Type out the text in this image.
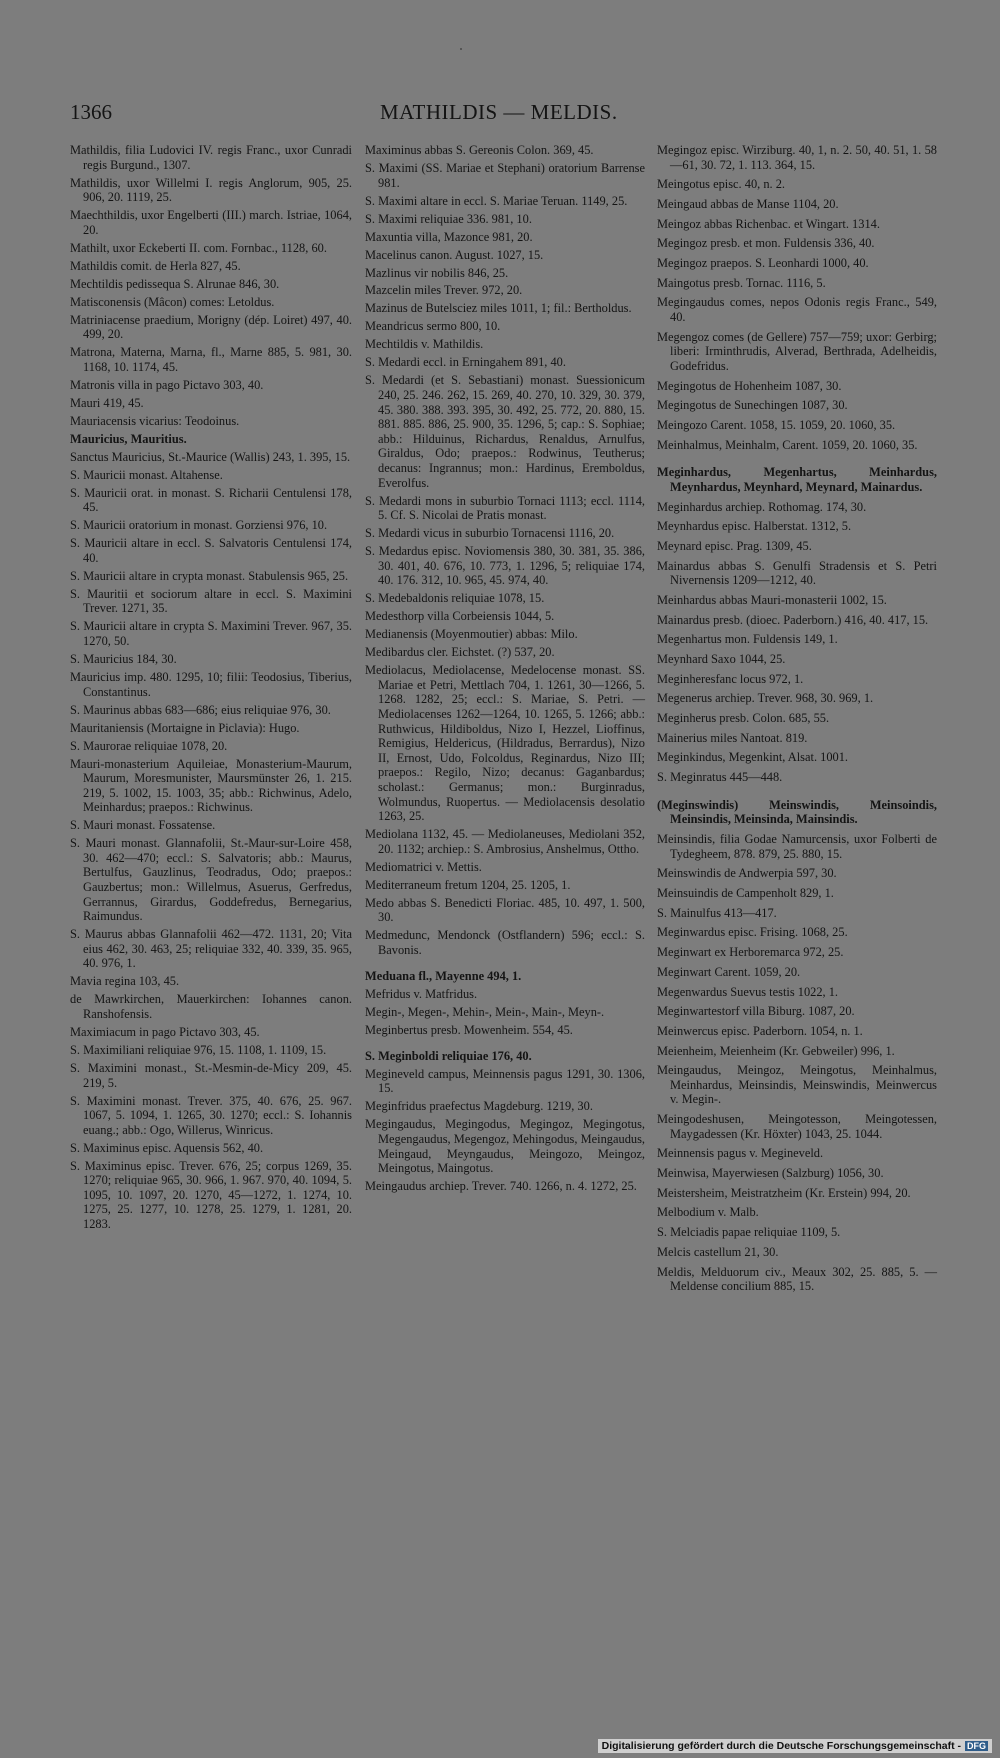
1366	MATHILDIS — MELDIS.
Mathildis, filia Ludovici IV. regis Franc., uxor Cunradi regis Burgund., 1307.
Mathildis, uxor Willelmi I. regis Anglorum, 905, 25. 906, 20. 1119, 25.
Maechthildis, uxor Engelberti (III.) march. Istriae, 1064, 20.
Mathilt, uxor Eckeberti II. com. Fornbac., 1128, 60.
Mathildis comit. de Herla 827, 45.
Mechtildis pedissequa S. Alrunae 846, 30.
Matisconensis (Mâcon) comes: Letoldus.
Matriniacense praedium, Morigny (dép. Loiret) 497, 40. 499, 20.
Matrona, Materna, Marna, fl., Marne 885, 5. 981, 30. 1168, 10. 1174, 45.
Matronis villa in pago Pictavo 303, 40.
Mauri 419, 45.
Mauriacensis vicarius: Teodoinus.
Mauricius, Mauritius.
Sanctus Mauricius, St.-Maurice (Wallis) 243, 1. 395, 15.
S. Mauricii monast. Altahense.
S. Mauricii orat. in monast. S. Richarii Centulensi 178, 45.
S. Mauricii oratorium in monast. Gorziensi 976, 10.
S. Mauricii altare in eccl. S. Salvatoris Centulensi 174, 40.
S. Mauricii altare in crypta monast. Stabulensis 965, 25.
S. Mauritii et sociorum altare in eccl. S. Maximini Trever. 1271, 35.
S. Mauricii altare in crypta S. Maximini Trever. 967, 35. 1270, 50.
S. Mauricius 184, 30.
Mauricius imp. 480. 1295, 10; filii: Teodosius, Tiberius, Constantinus.
S. Maurinus abbas 683—686; eius reliquiae 976, 30.
Mauritaniensis (Mortaigne in Piclavia): Hugo.
S. Maurorae reliquiae 1078, 20.
Mauri-monasterium Aquileiae, Monasterium-Maurum, Maurum, Moresmunister, Maursmünster 26, 1. 215. 219, 5. 1002, 15. 1003, 35; abb.: Richwinus, Adelo, Meinhardus; praepos.: Richwinus.
S. Mauri monast. Fossatense.
S. Mauri monast. Glannafolii, St.-Maur-sur-Loire 458, 30. 462—470; eccl.: S. Salvatoris; abb.: Maurus, Bertulfus, Gauzlinus, Teodradus, Odo; praepos.: Gauzbertus; mon.: Willelmus, Asuerus, Gerfredus, Gerrannus, Girardus, Goddefredus, Bernegarius, Raimundus.
S. Maurus abbas Glannafolii 462—472. 1131, 20; Vita eius 462, 30. 463, 25; reliquiae 332, 40. 339, 35. 965, 40. 976, 1.
Mavia regina 103, 45.
de Mawrkirchen, Mauerkirchen: Iohannes canon. Ranshofensis.
Maximiacum in pago Pictavo 303, 45.
S. Maximiliani reliquiae 976, 15. 1108, 1. 1109, 15.
S. Maximini monast., St.-Mesmin-de-Micy 209, 45. 219, 5.
S. Maximini monast. Trever. 375, 40. 676, 25. 967. 1067, 5. 1094, 1. 1265, 30. 1270; eccl.: S. Iohannis euang.; abb.: Ogo, Willerus, Winricus.
S. Maximinus episc. Aquensis 562, 40.
S. Maximinus episc. Trever. 676, 25; corpus 1269, 35. 1270; reliquiae 965, 30. 966, 1. 967. 970, 40. 1094, 5. 1095, 10. 1097, 20. 1270, 45—1272, 1. 1274, 10. 1275, 25. 1277, 10. 1278, 25. 1279, 1. 1281, 20. 1283.
Maximinus abbas S. Gereonis Colon. 369, 45.
S. Maximi (SS. Mariae et Stephani) oratorium Barrense 981.
S. Maximi altare in eccl. S. Mariae Teruan. 1149, 25.
S. Maximi reliquiae 336. 981, 10.
Maxuntia villa, Mazonce 981, 20.
Macelinus canon. August. 1027, 15.
Mazlinus vir nobilis 846, 25.
Mazcelin miles Trever. 972, 20.
Mazinus de Butelsciez miles 1011, 1; fil.: Bertholdus.
Meandricus sermo 800, 10.
Mechtildis v. Mathildis.
S. Medardi eccl. in Erningahem 891, 40.
S. Medardi (et S. Sebastiani) monast. Suessionicum 240, 25. 246. 262, 15. 269, 40. 270, 10. 329, 30. 379, 45. 380. 388. 393. 395, 30. 492, 25. 772, 20. 880, 15. 881. 885. 886, 25. 900, 35. 1296, 5; cap.: S. Sophiae; abb.: Hilduinus, Richardus, Renaldus, Arnulfus, Giraldus, Odo; praepos.: Rodwinus, Teutherus; decanus: Ingrannus; mon.: Hardinus, Eremboldus, Everolfus.
S. Medardi mons in suburbio Tornaci 1113; eccl. 1114, 5. Cf. S. Nicolai de Pratis monast.
S. Medardi vicus in suburbio Tornacensi 1116, 20.
S. Medardus episc. Noviomensis 380, 30. 381, 35. 386, 30. 401, 40. 676, 10. 773, 1. 1296, 5; reliquiae 174, 40. 176. 312, 10. 965, 45. 974, 40.
S. Medebaldonis reliquiae 1078, 15.
Medesthorp villa Corbeiensis 1044, 5.
Medianensis (Moyenmoutier) abbas: Milo.
Medibardus cler. Eichstet. (?) 537, 20.
Mediolacus, Mediolacense, Medelocense monast. SS. Mariae et Petri, Mettlach 704, 1. 1261, 30—1266, 5. 1268. 1282, 25; eccl.: S. Mariae, S. Petri. — Mediolacenses 1262—1264, 10. 1265, 5. 1266; abb.: Ruthwicus, Hildiboldus, Nizo I, Hezzel, Lioffinus, Remigius, Heldericus, (Hildradus, Berrardus), Nizo II, Ernost, Udo, Folcoldus, Reginardus, Nizo III; praepos.: Regilo, Nizo; decanus: Gaganbardus; scholast.: Germanus; mon.: Burginradus, Wolmundus, Ruopertus. — Mediolacensis desolatio 1263, 25.
Mediolana 1132, 45. — Mediolaneuses, Mediolani 352, 20. 1132; archiep.: S. Ambrosius, Anshelmus, Ottho.
Mediomatrici v. Mettis.
Mediterraneum fretum 1204, 25. 1205, 1.
Medo abbas S. Benedicti Floriac. 485, 10. 497, 1. 500, 30.
Medmedunc, Mendonck (Ostflandern) 596; eccl.: S. Bavonis.
Meduana fl., Mayenne 494, 1.
Mefridus v. Matfridus.
Megin-, Megen-, Mehin-, Mein-, Main-, Meyn-.
Meginbertus presb. Mowenheim. 554, 45.
S. Meginboldi reliquiae 176, 40.
Megineveld campus, Meinnensis pagus 1291, 30. 1306, 15.
Meginfridus praefectus Magdeburg. 1219, 30.
Megingaudus, Megingodus, Megingoz, Megingotus, Megengaudus, Megengoz, Mehingodus, Meingaudus, Meingaud, Meyngaudus, Meingozo, Meingoz, Meingotus, Maingotus.
Meingaudus archiep. Trever. 740. 1266, n. 4. 1272, 25.
Megingoz episc. Wirziburg. 40, 1, n. 2. 50, 40. 51, 1. 58—61, 30. 72, 1. 113. 364, 15.
Meingotus episc. 40, n. 2.
Meingaud abbas de Manse 1104, 20.
Meingoz abbas Richenbac. et Wingart. 1314.
Megingoz presb. et mon. Fuldensis 336, 40.
Megingoz praepos. S. Leonhardi 1000, 40.
Maingotus presb. Tornac. 1116, 5.
Megingaudus comes, nepos Odonis regis Franc., 549, 40.
Megengoz comes (de Gellere) 757—759; uxor: Gerbirg; liberi: Irminthrudis, Alverad, Berthrada, Adelheidis, Godefridus.
Megingotus de Hohenheim 1087, 30.
Megingotus de Sunechingen 1087, 30.
Meingozo Carent. 1058, 15. 1059, 20. 1060, 35.
Meinhalmus, Meinhalm, Carent. 1059, 20. 1060, 35.
Meginhardus, Megenhartus, Meinhardus, Meynhardus, Meynhard, Meynard, Mainardus.
Meginhardus archiep. Rothomag. 174, 30.
Meynhardus episc. Halberstat. 1312, 5.
Meynard episc. Prag. 1309, 45.
Mainardus abbas S. Genulfi Stradensis et S. Petri Nivernensis 1209—1212, 40.
Meinhardus abbas Mauri-monasterii 1002, 15.
Mainardus presb. (dioec. Paderborn.) 416, 40. 417, 15.
Megenhartus mon. Fuldensis 149, 1.
Meynhard Saxo 1044, 25.
Meginheresfanc locus 972, 1.
Megenerus archiep. Trever. 968, 30. 969, 1.
Meginherus presb. Colon. 685, 55.
Mainerius miles Nantoat. 819.
Meginkindus, Megenkint, Alsat. 1001.
S. Meginratus 445—448.
(Meginswindis) Meinswindis, Meinsoindis, Meinsindis, Meinsinda, Mainsindis.
Meinsindis, filia Godae Namurcensis, uxor Folberti de Tydegheem, 878. 879, 25. 880, 15.
Meinswindis de Andwerpia 597, 30.
Meinsuindis de Campenholt 829, 1.
S. Mainulfus 413—417.
Meginwardus episc. Frising. 1068, 25.
Meginwart ex Herboremarca 972, 25.
Meginwart Carent. 1059, 20.
Megenwardus Suevus testis 1022, 1.
Meginwartestorf villa Biburg. 1087, 20.
Meinwercus episc. Paderborn. 1054, n. 1.
Meienheim, Meienheim (Kr. Gebweiler) 996, 1.
Meingaudus, Meingoz, Meingotus, Meinhalmus, Meinhardus, Meinsindis, Meinswindis, Meinwercus v. Megin-.
Meingodeshusen, Meingotesson, Meingotessen, Maygadessen (Kr. Höxter) 1043, 25. 1044.
Meinnensis pagus v. Megineveld.
Meinwisa, Mayerwiesen (Salzburg) 1056, 30.
Meistersheim, Meistratzheim (Kr. Erstein) 994, 20.
Melbodium v. Malb.
S. Melciadis papae reliquiae 1109, 5.
Melcis castellum 21, 30.
Meldis, Melduorum civ., Meaux 302, 25. 885, 5. — Meldense concilium 885, 15.
Digitalisierung gefördert durch die Deutsche Forschungsgemeinschaft - DFG
